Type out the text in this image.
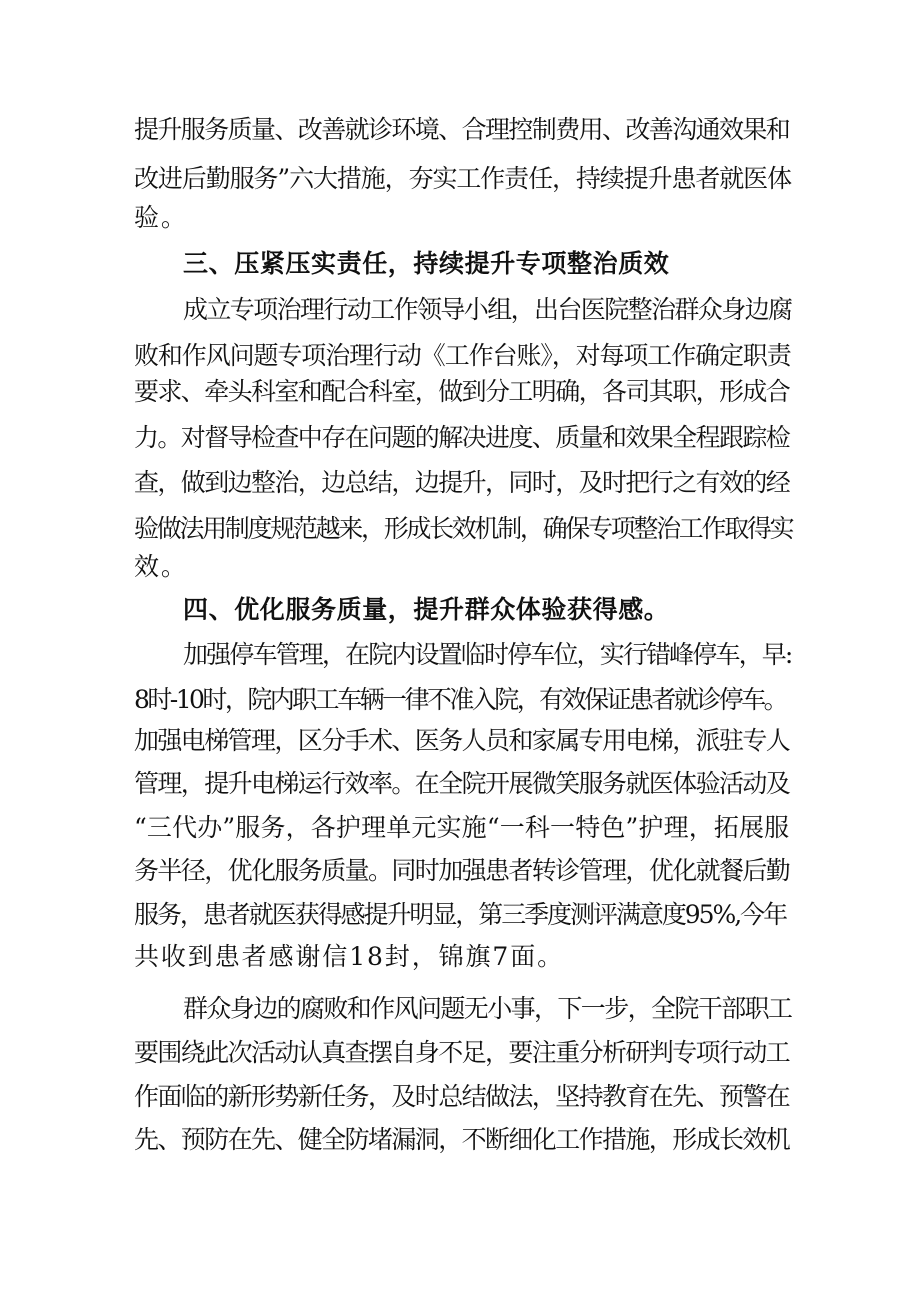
提升服务质量、改善就诊环境、合理控制费用、改善沟通效果和
改进后勤服务”六大措施，夯实工作责任，持续提升患者就医体
验。
三、压紧压实责任，持续提升专项整治质效
成立专项治理行动工作领导小组，出台医院整治群众身边腐
败和作风问题专项治理行动《工作台账》，对每项工作确定职责
要求、牵头科室和配合科室，做到分工明确，各司其职，形成合
力。对督导检查中存在问题的解决进度、质量和效果全程跟踪检
查，做到边整治，边总结，边提升，同时，及时把行之有效的经
验做法用制度规范越来，形成长效机制，确保专项整治工作取得实
效。
四、优化服务质量，提升群众体验获得感。
加强停车管理，在院内设置临时停车位，实行错峰停车，早:
8时-10时，院内职工车辆一律不准入院，有效保证患者就诊停车。
加强电梯管理，区分手术、医务人员和家属专用电梯，派驻专人
管理，提升电梯运行效率。在全院开展微笑服务就医体验活动及
“三代办”服务，各护理单元实施“一科一特色”护理，拓展服
务半径，优化服务质量。同时加强患者转诊管理，优化就餐后勤
服务，患者就医获得感提升明显，第三季度测评满意度95%,今年
共收到患者感谢信18封，锦旗7面。
群众身边的腐败和作风问题无小事，下一步，全院干部职工
要围绕此次活动认真查摆自身不足，要注重分析研判专项行动工
作面临的新形势新任务，及时总结做法，坚持教育在先、预警在
先、预防在先、健全防堵漏洞，不断细化工作措施，形成长效机
